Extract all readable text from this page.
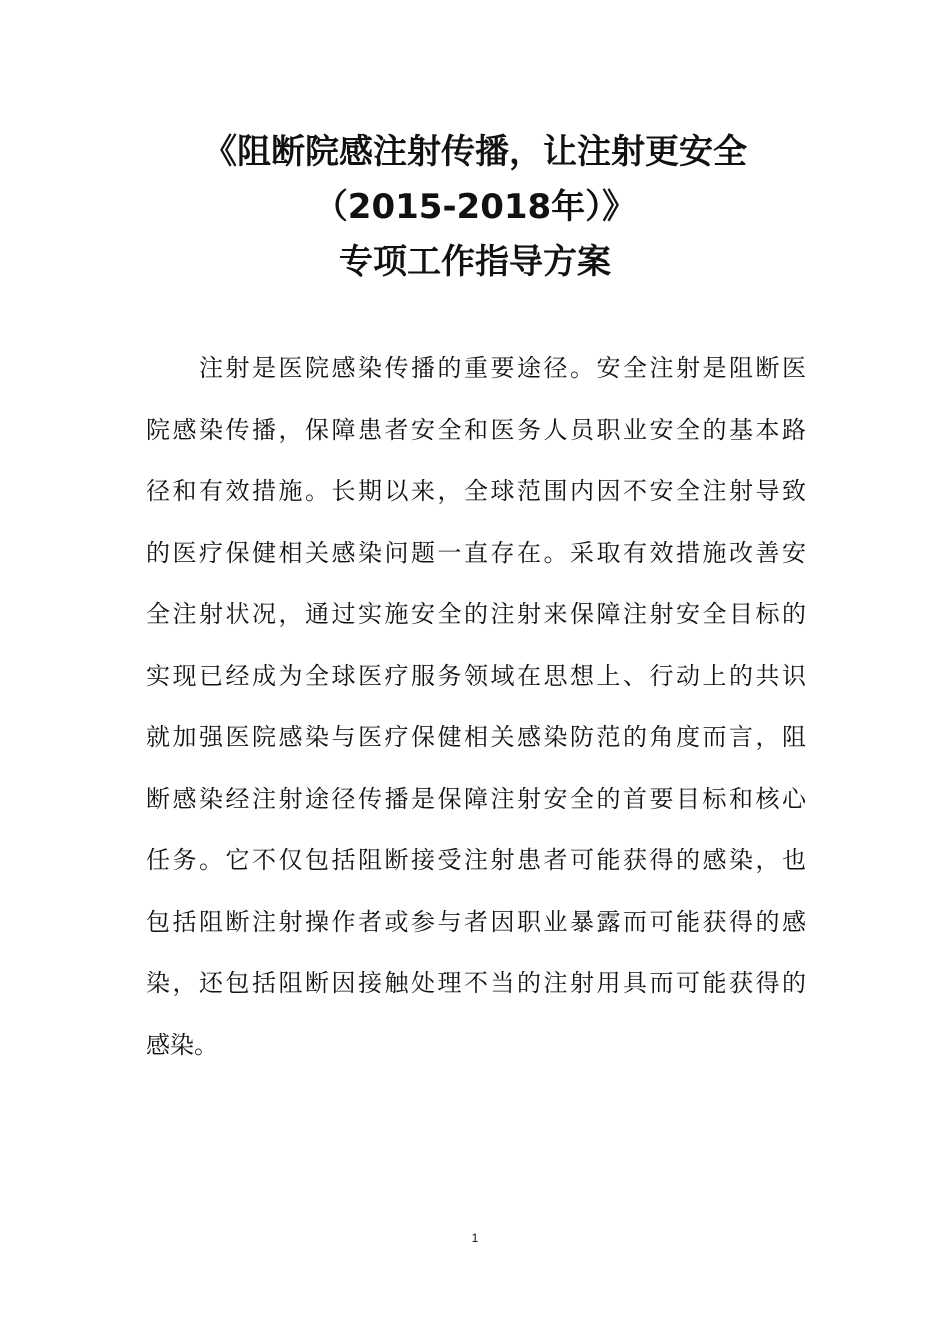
《阻断院感注射传播，让注射更安全
（2015-2018年）》
专项工作指导方案
　　注射是医院感染传播的重要途径。安全注射是阻断医
院感染传播，保障患者安全和医务人员职业安全的基本路
径和有效措施。长期以来，全球范围内因不安全注射导致
的医疗保健相关感染问题一直存在。采取有效措施改善安
全注射状况，通过实施安全的注射来保障注射安全目标的
实现已经成为全球医疗服务领域在思想上、行动上的共识
就加强医院感染与医疗保健相关感染防范的角度而言，阻
断感染经注射途径传播是保障注射安全的首要目标和核心
任务。它不仅包括阻断接受注射患者可能获得的感染，也
包括阻断注射操作者或参与者因职业暴露而可能获得的感
染，还包括阻断因接触处理不当的注射用具而可能获得的
感染。
1
